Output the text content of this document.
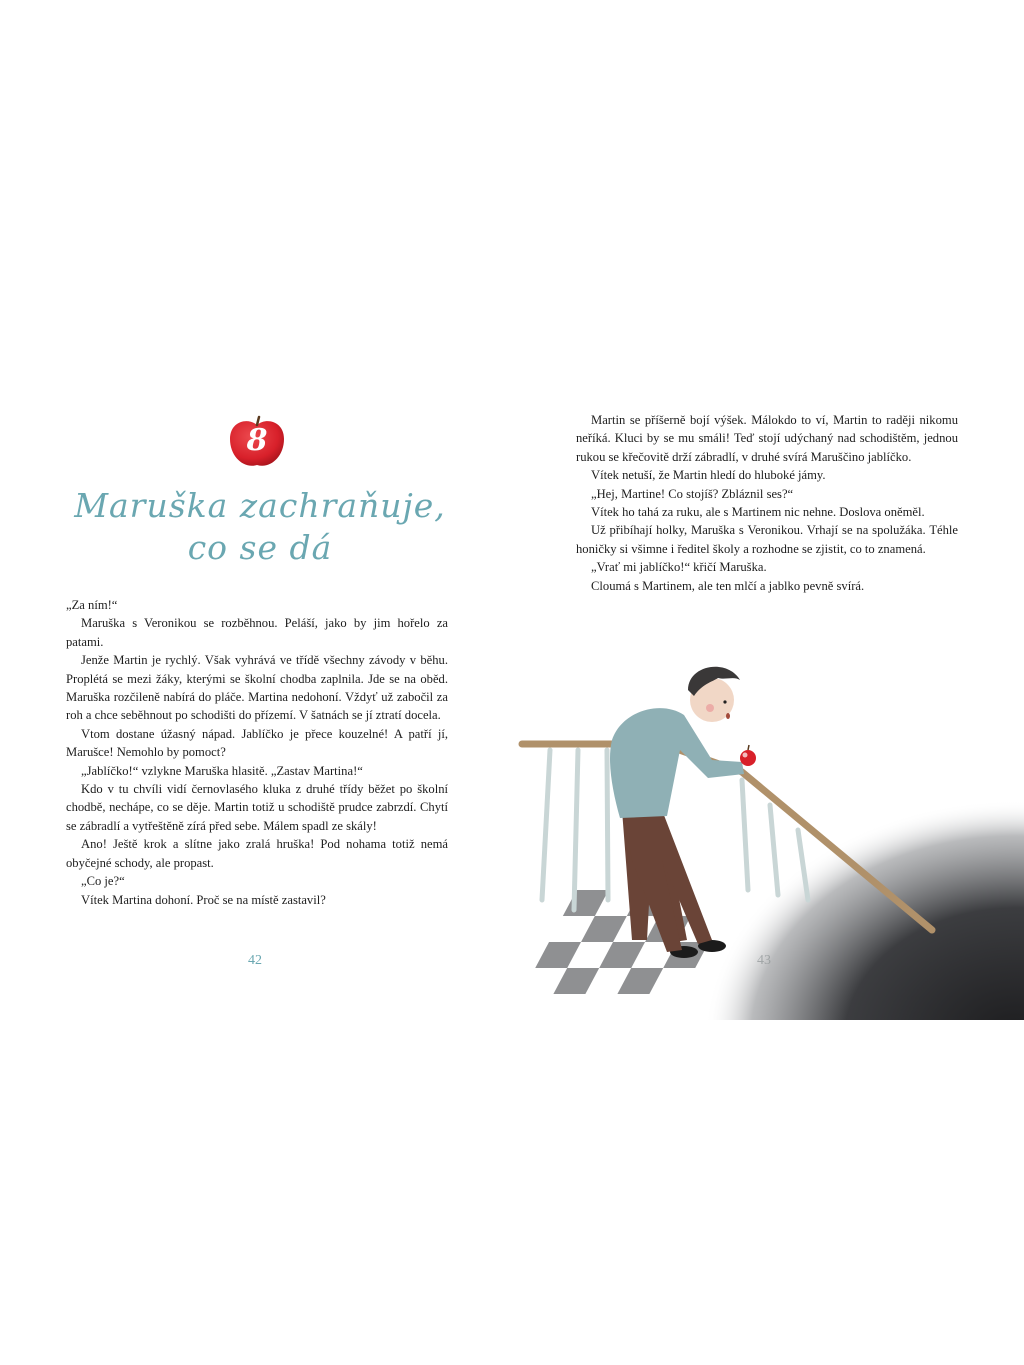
8
Maruška zachraňuje,
co se dá

„Za ním!“

Maruška s Veronikou se rozběhnou. Peláší, jako by jim hořelo za patami.

Jenže Martin je rychlý. Však vyhrává ve třídě všechny závody v běhu. Proplétá se mezi žáky, kterými se školní chodba zaplnila. Jde se na oběd. Maruška rozčileně nabírá do pláče. Martina nedohoní. Vždyť už zabočil za roh a chce seběhnout po schodišti do přízemí. V šatnách se jí ztratí docela.

Vtom dostane úžasný nápad. Jablíčko je přece kouzelné! A patří jí, Marušce! Nemohlo by pomoct?

„Jablíčko!“ vzlykne Maruška hlasitě. „Zastav Martina!“

Kdo v tu chvíli vidí černovlasého kluka z druhé třídy běžet po školní chodbě, nechápe, co se děje. Martin totiž u schodiště prudce zabrzdí. Chytí se zábradlí a vytřeštěně zírá před sebe. Málem spadl ze skály!

Ano! Ještě krok a slítne jako zralá hruška! Pod nohama totiž nemá obyčejné schody, ale propast.

„Co je?“

Vítek Martina dohoní. Proč se na místě zastavil?

42

Martin se příšerně bojí výšek. Málokdo to ví, Martin to raději nikomu neříká. Kluci by se mu smáli! Teď stojí udýchaný nad schodištěm, jednou rukou se křečovitě drží zábradlí, v druhé svírá Maruščino jablíčko.

Vítek netuší, že Martin hledí do hluboké jámy.

„Hej, Martine! Co stojíš? Zbláznil ses?“

Vítek ho tahá za ruku, ale s Martinem nic nehne. Doslova oněměl.

Už přibíhají holky, Maruška s Veronikou. Vrhají se na spolužáka. Téhle honičky si všimne i ředitel školy a rozhodne se zjistit, co to znamená.

„Vrať mi jablíčko!“ křičí Maruška.

Cloumá s Martinem, ale ten mlčí a jablko pevně svírá.

43
